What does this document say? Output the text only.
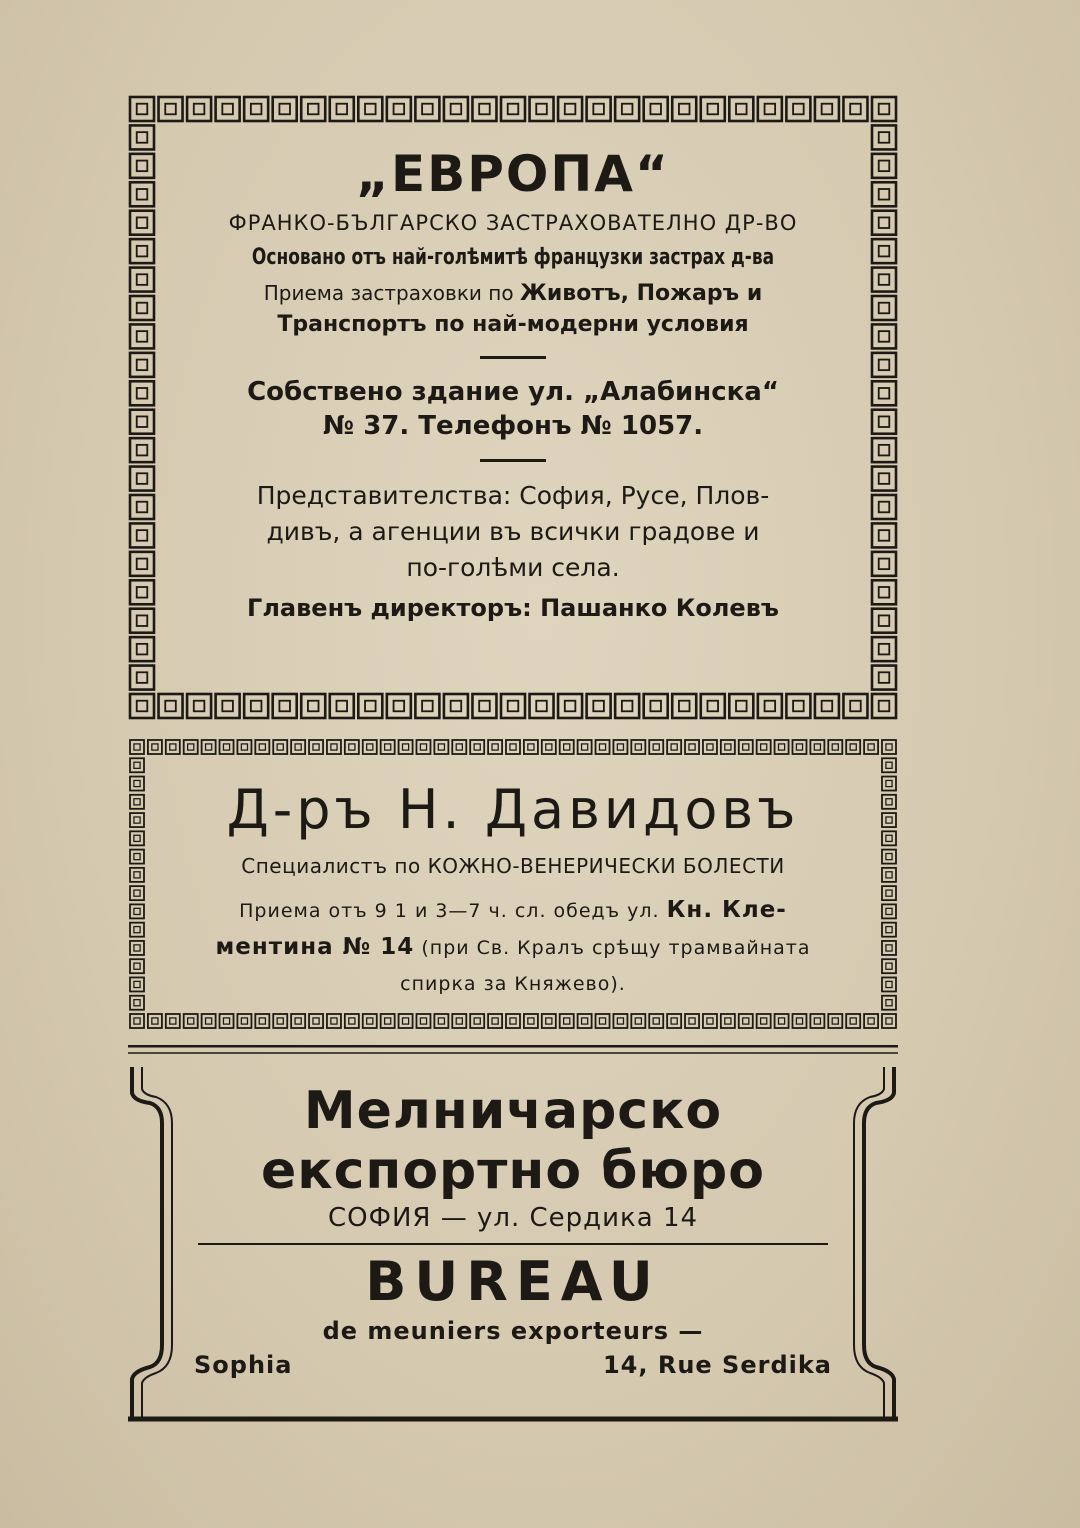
„ЕВРОПА“
ФРАНКО-БЪЛГАРСКО ЗАСТРАХОВАТЕЛНО ДР-ВО
Основано отъ най-голѣмитѣ французки застрах д-ва
Приема застраховки по Животъ, Пожаръ и
Транспортъ по най-модерни условия
Собствено здание ул. „Алабинска“
№ 37. Телефонъ № 1057.
Представителства: София, Русе, Плов-
дивъ, а агенции въ всички градове и
по-голѣми села.
Главенъ директоръ: Пашанко Колевъ
Д-ръ Н. Давидовъ
Специалистъ по КОЖНО-ВЕНЕРИЧЕСКИ БОЛЕСТИ
Приема отъ 9 1 и 3—7 ч. сл. обедъ ул. Кн. Кле-
ментина № 14 (при Св. Кралъ срѣщу трамвайната
спирка за Княжево).
Мелничарско
експортно бюро
СОФИЯ — ул. Сердика 14
BUREAU
de meuniers exporteurs —
Sophia	14, Rue Serdika
